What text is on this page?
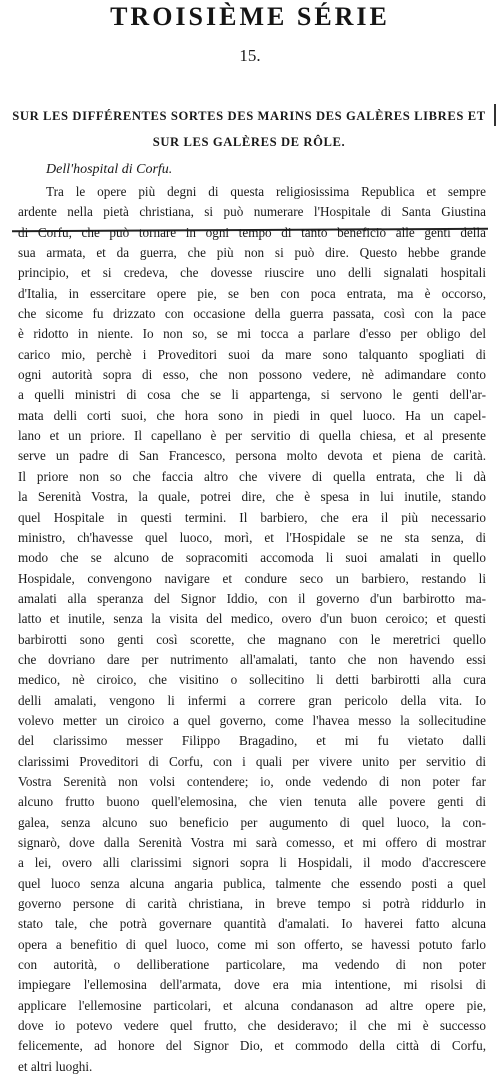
TROISIÈME SÉRIE
15.
SUR LES DIFFÉRENTES SORTES DES MARINS DES GALÈRES LIBRES ET SUR LES GALÈRES DE RÔLE.
Dell'hospital di Corfu.
Tra le opere più degni di questa religiosissima Republica et sempre
ardente nella pietà christiana, si può numerare l'Hospitale di Santa Giustina
di Corfu, che può tornare in ogni tempo di tanto beneficio alle genti della
sua armata, et da guerra, che più non si può dire. Questo hebbe grande
principio, et si credeva, che dovesse riuscire uno delli signalati hospitali
d'Italia, in essercitare opere pie, se ben con poca entrata, ma è occorso,
che sicome fu drizzato con occasione della guerra passata, così con la pace
è ridotto in niente. Io non so, se mi tocca a parlare d'esso per obligo del
carico mio, perchè i Proveditori suoi da mare sono talquanto spogliati di
ogni autorità sopra di esso, che non possono vedere, nè adimandare conto
a quelli ministri di cosa che se li appartenga, si servono le genti dell'ar-
mata delli corti suoi, che hora sono in piedi in quel luoco. Ha un capel-
lano et un priore. Il capellano è per servitio di quella chiesa, et al presente
serve un padre di San Francesco, persona molto devota et piena de carità.
Il priore non so che faccia altro che vivere di quella entrata, che li dà
la Serenità Vostra, la quale, potrei dire, che è spesa in lui inutile, stando
quel Hospitale in questi termini. Il barbiero, che era il più necessario
ministro, ch'havesse quel luoco, morì, et l'Hospidale se ne sta senza, di
modo che se alcuno de sopracomiti accomoda li suoi amalati in quello
Hospidale, convengono navigare et condure seco un barbiero, restando li
amalati alla speranza del Signor Iddio, con il governo d'un barbirotto ma-
latto et inutile, senza la visita del medico, overo d'un buon ceroico; et questi
barbirotti sono genti così scorette, che magnano con le meretrici quello
che dovriano dare per nutrimento all'amalati, tanto che non havendo essi
medico, nè ciroico, che visitino o sollecitino li detti barbirotti alla cura
delli amalati, vengono li infermi a correre gran pericolo della vita. Io
volevo metter un ciroico a quel governo, come l'havea messo la sollecitudine
del clarissimo messer Filippo Bragadino, et mi fu vietato dalli
clarissimi Proveditori di Corfu, con i quali per vivere unito per servitio di
Vostra Serenità non volsi contendere; io, onde vedendo di non poter far
alcuno frutto buono quell'elemosina, che vien tenuta alle povere genti di
galea, senza alcuno suo beneficio per augumento di quel luoco, la con-
signarò, dove dalla Serenità Vostra mi sarà comesso, et mi offero di mostrar
a lei, overo alli clarissimi signori sopra li Hospidali, il modo d'accrescere
quel luoco senza alcuna angaria publica, talmente che essendo posti a quel
governo persone di carità christiana, in breve tempo si potrà riddurlo in
stato tale, che potrà governare quantità d'amalati. Io haverei fatto alcuna
opera a benefitio di quel luoco, come mi son offerto, se havessi potuto farlo
con autorità, o delliberatione particolare, ma vedendo di non poter
impiegare l'ellemosina dell'armata, dove era mia intentione, mi risolsi di
applicare l'ellemosine particolari, et alcuna condanason ad altre opere pie,
dove io potevo vedere quel frutto, che desideravo; il che mi è successo
felicemente, ad honore del Signor Dio, et commodo della città di Corfu,
et altri luoghi.
